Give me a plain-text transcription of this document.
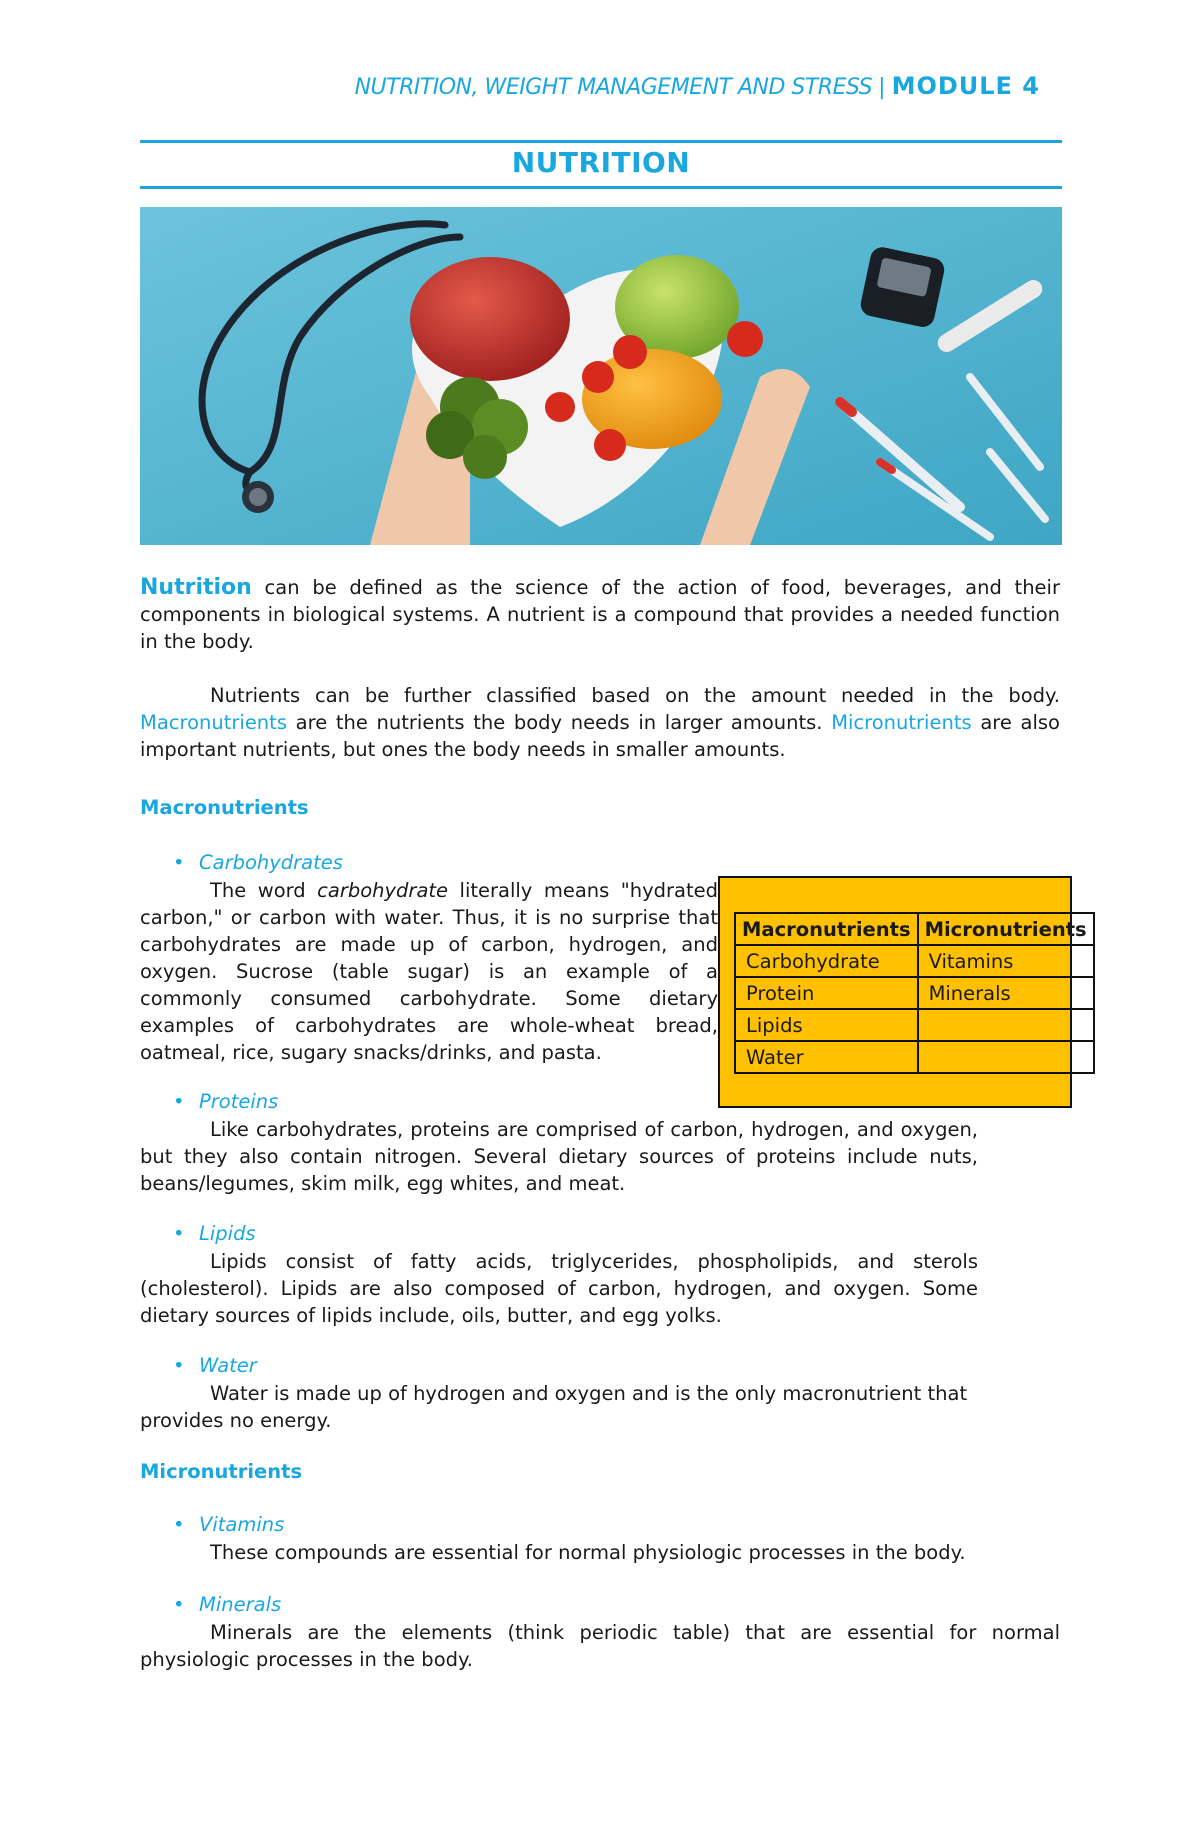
NUTRITION, WEIGHT MANAGEMENT AND STRESS | MODULE 4
NUTRITION

Nutrition can be defined as the science of the action of food, beverages, and their components in biological systems. A nutrient is a compound that provides a needed function in the body.

Nutrients can be further classified based on the amount needed in the body. Macronutrients are the nutrients the body needs in larger amounts. Micronutrients are also important nutrients, but ones the body needs in smaller amounts.

Macronutrients
• Carbohydrates

The word carbohydrate literally means "hydrated carbon," or carbon with water. Thus, it is no surprise that carbohydrates are made up of carbon, hydrogen, and oxygen. Sucrose (table sugar) is an example of a commonly consumed carbohydrate. Some dietary examples of carbohydrates are whole-wheat bread, oatmeal, rice, sugary snacks/drinks, and pasta.

Macronutrients	Micronutrients
Carbohydrate	Vitamins
Protein	Minerals
Lipids	
Water	
• Proteins

Like carbohydrates, proteins are comprised of carbon, hydrogen, and oxygen, but they also contain nitrogen. Several dietary sources of proteins include nuts, beans/legumes, skim milk, egg whites, and meat.

• Lipids

Lipids consist of fatty acids, triglycerides, phospholipids, and sterols (cholesterol). Lipids are also composed of carbon, hydrogen, and oxygen. Some dietary sources of lipids include, oils, butter, and egg yolks.

• Water

Water is made up of hydrogen and oxygen and is the only macronutrient that provides no energy.

Micronutrients
• Vitamins

These compounds are essential for normal physiologic processes in the body.

• Minerals

Minerals are the elements (think periodic table) that are essential for normal physiologic processes in the body.
